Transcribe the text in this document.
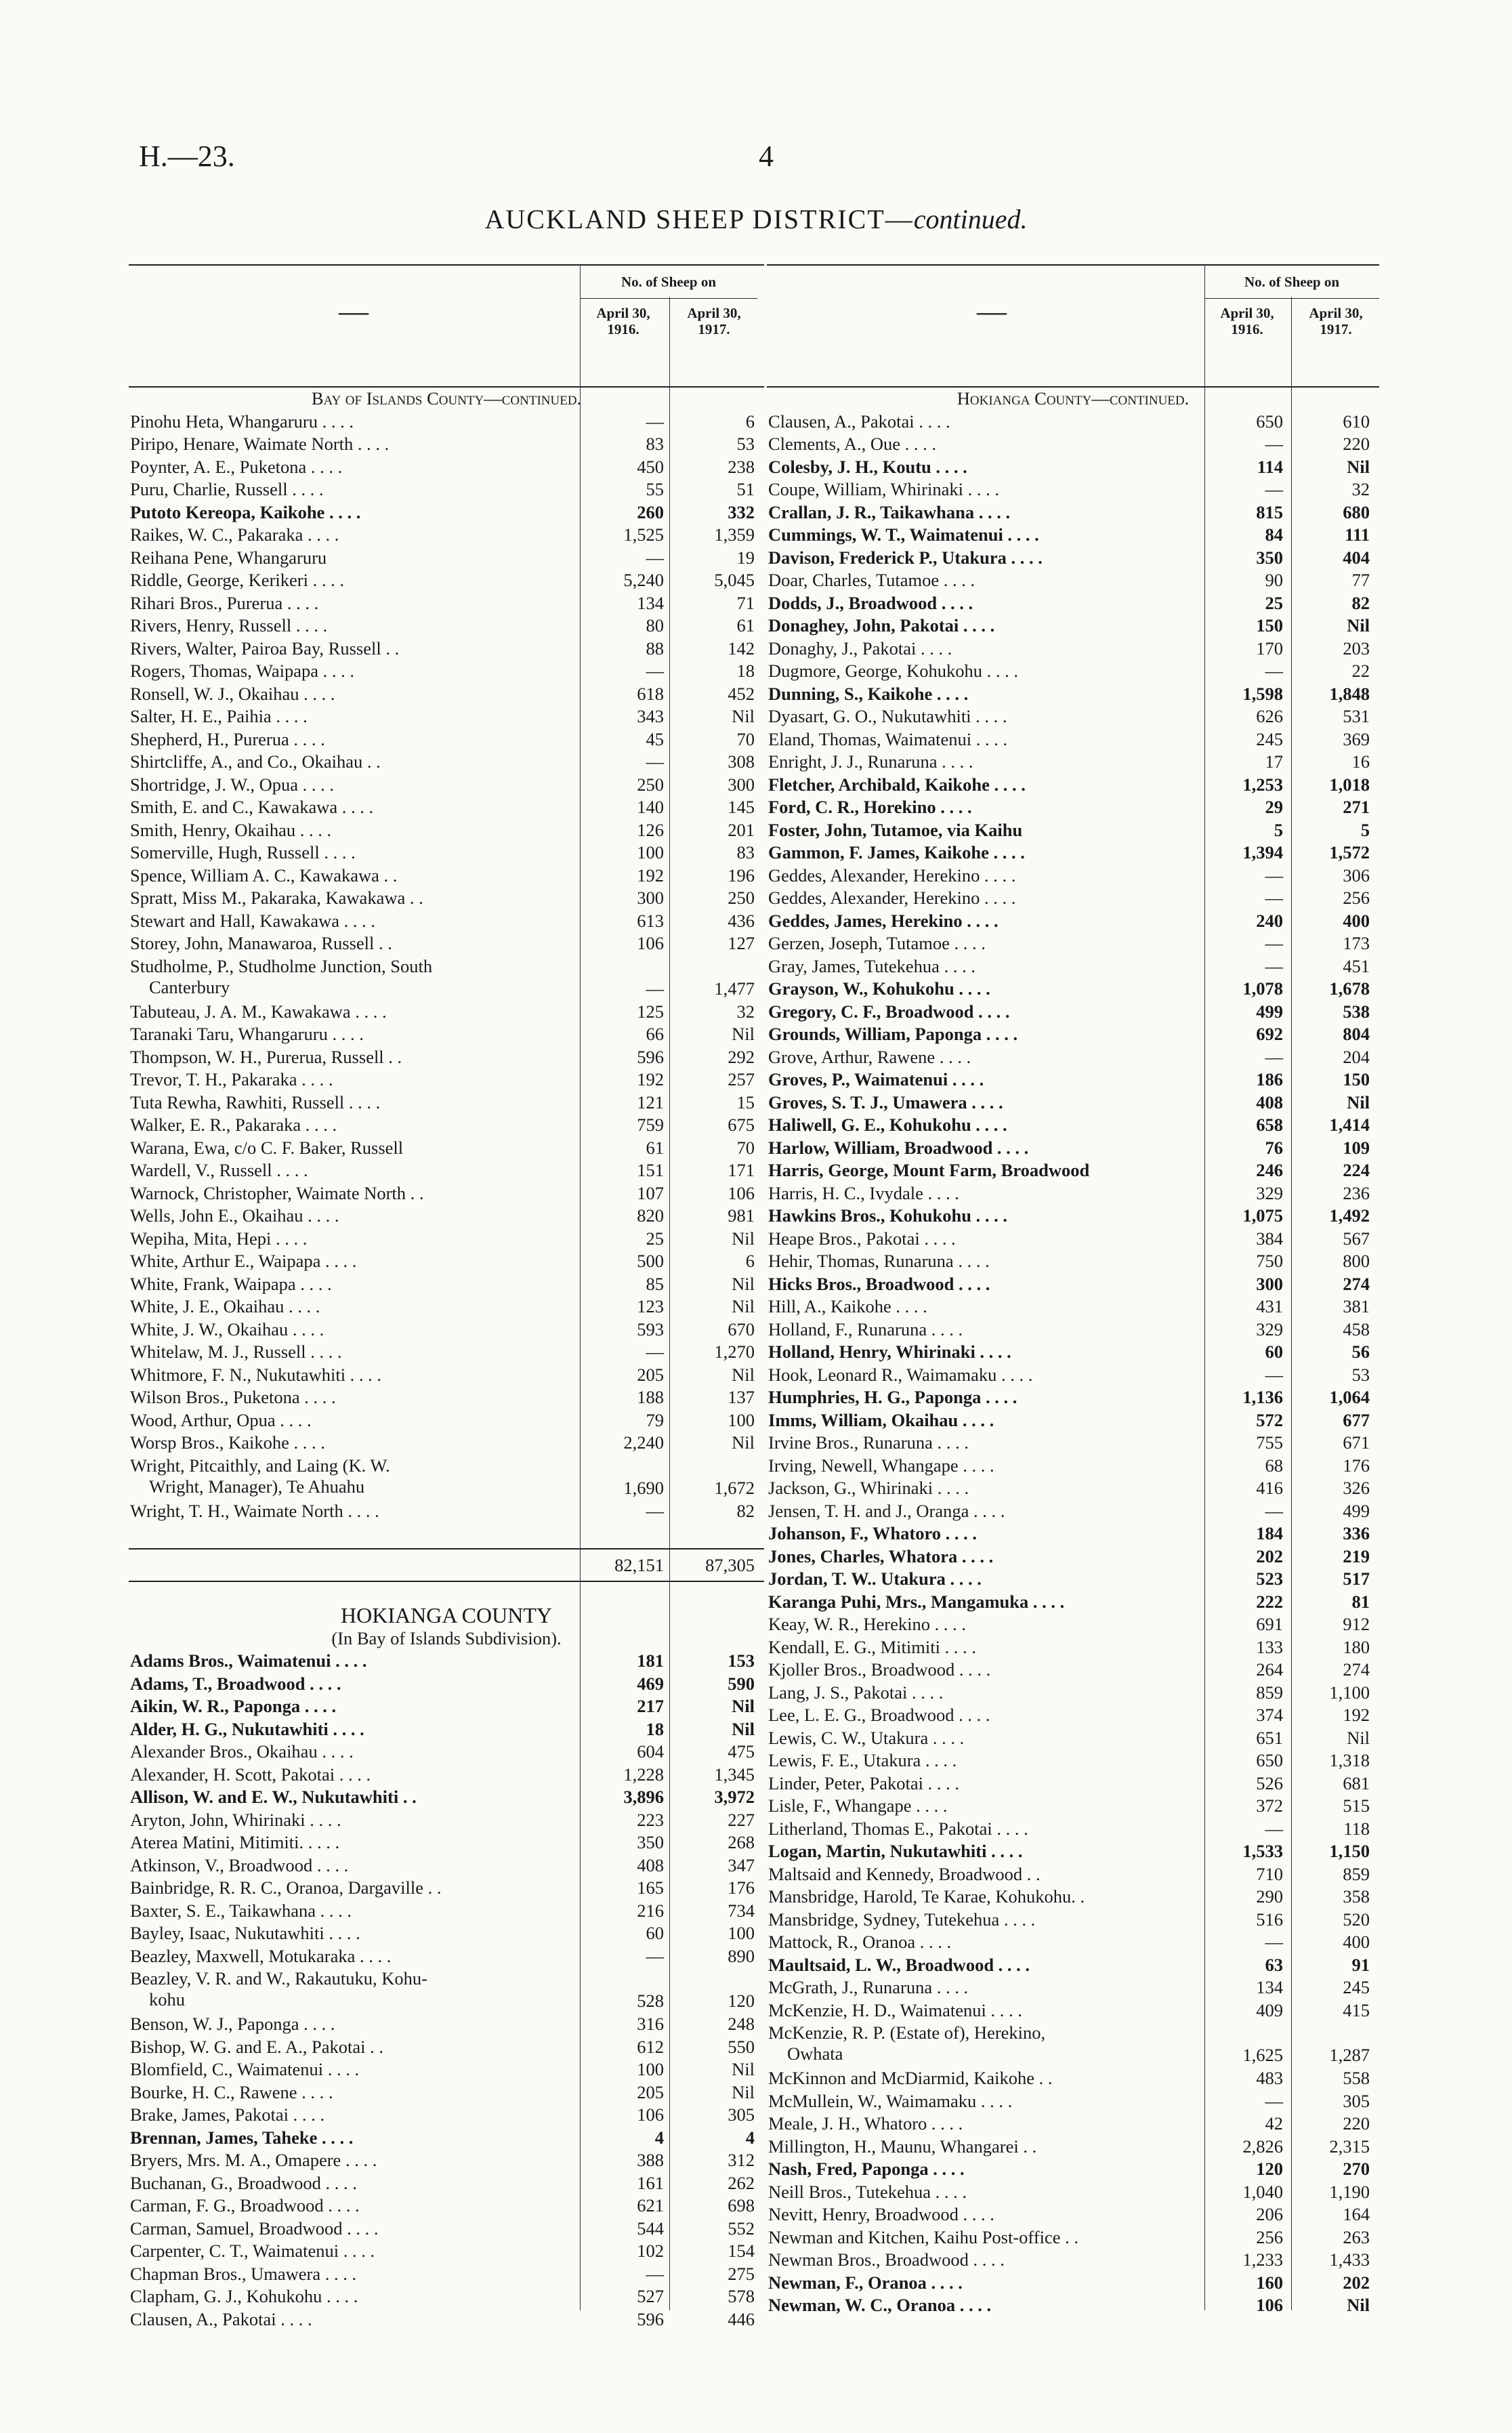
H.—23.	4
AUCKLAND SHEEP DISTRICT—continued.
—
No. of Sheep on
April 30,
1916.
April 30,
1917.
Bay of Islands County—continued.
Pinohu Heta, Whangaruru . . . .	—	6
Piripo, Henare, Waimate North . . . .	83	53
Poynter, A. E., Puketona . . . .	450	238
Puru, Charlie, Russell . . . .	55	51
Putoto Kereopa, Kaikohe . . . .	260	332
Raikes, W. C., Pakaraka . . . .	1,525	1,359
Reihana Pene, Whangaruru	—	19
Riddle, George, Kerikeri . . . .	5,240	5,045
Rihari Bros., Purerua . . . .	134	71
Rivers, Henry, Russell . . . .	80	61
Rivers, Walter, Pairoa Bay, Russell . .	88	142
Rogers, Thomas, Waipapa . . . .	—	18
Ronsell, W. J., Okaihau . . . .	618	452
Salter, H. E., Paihia . . . .	343	Nil
Shepherd, H., Purerua . . . .	45	70
Shirtcliffe, A., and Co., Okaihau . .	—	308
Shortridge, J. W., Opua . . . .	250	300
Smith, E. and C., Kawakawa . . . .	140	145
Smith, Henry, Okaihau . . . .	126	201
Somerville, Hugh, Russell . . . .	100	83
Spence, William A. C., Kawakawa . .	192	196
Spratt, Miss M., Pakaraka, Kawakawa . .	300	250
Stewart and Hall, Kawakawa . . . .	613	436
Storey, John, Manawaroa, Russell . .	106	127
Studholme, P., Studholme Junction, South
Canterbury	—	1,477
Tabuteau, J. A. M., Kawakawa . . . .	125	32
Taranaki Taru, Whangaruru . . . .	66	Nil
Thompson, W. H., Purerua, Russell . .	596	292
Trevor, T. H., Pakaraka . . . .	192	257
Tuta Rewha, Rawhiti, Russell . . . .	121	15
Walker, E. R., Pakaraka . . . .	759	675
Warana, Ewa, c/o C. F. Baker, Russell	61	70
Wardell, V., Russell . . . .	151	171
Warnock, Christopher, Waimate North . .	107	106
Wells, John E., Okaihau . . . .	820	981
Wepiha, Mita, Hepi . . . .	25	Nil
White, Arthur E., Waipapa . . . .	500	6
White, Frank, Waipapa . . . .	85	Nil
White, J. E., Okaihau . . . .	123	Nil
White, J. W., Okaihau . . . .	593	670
Whitelaw, M. J., Russell . . . .	—	1,270
Whitmore, F. N., Nukutawhiti . . . .	205	Nil
Wilson Bros., Puketona . . . .	188	137
Wood, Arthur, Opua . . . .	79	100
Worsp Bros., Kaikohe . . . .	2,240	Nil
Wright, Pitcaithly, and Laing (K. W.
Wright, Manager), Te Ahuahu	1,690	1,672
Wright, T. H., Waimate North . . . .	—	82
82,151 87,305
HOKIANGA COUNTY
(In Bay of Islands Subdivision).
Adams Bros., Waimatenui . . . .	181	153
Adams, T., Broadwood . . . .	469	590
Aikin, W. R., Paponga . . . .	217	Nil
Alder, H. G., Nukutawhiti . . . .	18	Nil
Alexander Bros., Okaihau . . . .	604	475
Alexander, H. Scott, Pakotai . . . .	1,228	1,345
Allison, W. and E. W., Nukutawhiti . .	3,896	3,972
Aryton, John, Whirinaki . . . .	223	227
Aterea Matini, Mitimiti. . . . .	350	268
Atkinson, V., Broadwood . . . .	408	347
Bainbridge, R. R. C., Oranoa, Dargaville . .	165	176
Baxter, S. E., Taikawhana . . . .	216	734
Bayley, Isaac, Nukutawhiti . . . .	60	100
Beazley, Maxwell, Motukaraka . . . .	—	890
Beazley, V. R. and W., Rakautuku, Kohu-
kohu	528	120
Benson, W. J., Paponga . . . .	316	248
Bishop, W. G. and E. A., Pakotai . .	612	550
Blomfield, C., Waimatenui . . . .	100	Nil
Bourke, H. C., Rawene . . . .	205	Nil
Brake, James, Pakotai . . . .	106	305
Brennan, James, Taheke . . . .	4	4
Bryers, Mrs. M. A., Omapere . . . .	388	312
Buchanan, G., Broadwood . . . .	161	262
Carman, F. G., Broadwood . . . .	621	698
Carman, Samuel, Broadwood . . . .	544	552
Carpenter, C. T., Waimatenui . . . .	102	154
Chapman Bros., Umawera . . . .	—	275
Clapham, G. J., Kohukohu . . . .	527	578
Clausen, A., Pakotai . . . .	596	446
—
No. of Sheep on
April 30,
1916.
April 30,
1917.
Hokianga County—continued.
Clausen, A., Pakotai . . . .	650	610
Clements, A., Oue . . . .	—	220
Colesby, J. H., Koutu . . . .	114	Nil
Coupe, William, Whirinaki . . . .	—	32
Crallan, J. R., Taikawhana . . . .	815	680
Cummings, W. T., Waimatenui . . . .	84	111
Davison, Frederick P., Utakura . . . .	350	404
Doar, Charles, Tutamoe . . . .	90	77
Dodds, J., Broadwood . . . .	25	82
Donaghey, John, Pakotai . . . .	150	Nil
Donaghy, J., Pakotai . . . .	170	203
Dugmore, George, Kohukohu . . . .	—	22
Dunning, S., Kaikohe . . . .	1,598	1,848
Dyasart, G. O., Nukutawhiti . . . .	626	531
Eland, Thomas, Waimatenui . . . .	245	369
Enright, J. J., Runaruna . . . .	17	16
Fletcher, Archibald, Kaikohe . . . .	1,253	1,018
Ford, C. R., Horekino . . . .	29	271
Foster, John, Tutamoe, via Kaihu	5	5
Gammon, F. James, Kaikohe . . . .	1,394	1,572
Geddes, Alexander, Herekino . . . .	—	306
Geddes, Alexander, Herekino . . . .	—	256
Geddes, James, Herekino . . . .	240	400
Gerzen, Joseph, Tutamoe . . . .	—	173
Gray, James, Tutekehua . . . .	—	451
Grayson, W., Kohukohu . . . .	1,078	1,678
Gregory, C. F., Broadwood . . . .	499	538
Grounds, William, Paponga . . . .	692	804
Grove, Arthur, Rawene . . . .	—	204
Groves, P., Waimatenui . . . .	186	150
Groves, S. T. J., Umawera . . . .	408	Nil
Haliwell, G. E., Kohukohu . . . .	658	1,414
Harlow, William, Broadwood . . . .	76	109
Harris, George, Mount Farm, Broadwood	246	224
Harris, H. C., Ivydale . . . .	329	236
Hawkins Bros., Kohukohu . . . .	1,075	1,492
Heape Bros., Pakotai . . . .	384	567
Hehir, Thomas, Runaruna . . . .	750	800
Hicks Bros., Broadwood . . . .	300	274
Hill, A., Kaikohe . . . .	431	381
Holland, F., Runaruna . . . .	329	458
Holland, Henry, Whirinaki . . . .	60	56
Hook, Leonard R., Waimamaku . . . .	—	53
Humphries, H. G., Paponga . . . .	1,136	1,064
Imms, William, Okaihau . . . .	572	677
Irvine Bros., Runaruna . . . .	755	671
Irving, Newell, Whangape . . . .	68	176
Jackson, G., Whirinaki . . . .	416	326
Jensen, T. H. and J., Oranga . . . .	—	499
Johanson, F., Whatoro . . . .	184	336
Jones, Charles, Whatora . . . .	202	219
Jordan, T. W.. Utakura . . . .	523	517
Karanga Puhi, Mrs., Mangamuka . . . .	222	81
Keay, W. R., Herekino . . . .	691	912
Kendall, E. G., Mitimiti . . . .	133	180
Kjoller Bros., Broadwood . . . .	264	274
Lang, J. S., Pakotai . . . .	859	1,100
Lee, L. E. G., Broadwood . . . .	374	192
Lewis, C. W., Utakura . . . .	651	Nil
Lewis, F. E., Utakura . . . .	650	1,318
Linder, Peter, Pakotai . . . .	526	681
Lisle, F., Whangape . . . .	372	515
Litherland, Thomas E., Pakotai . . . .	—	118
Logan, Martin, Nukutawhiti . . . .	1,533	1,150
Maltsaid and Kennedy, Broadwood . .	710	859
Mansbridge, Harold, Te Karae, Kohukohu. .	290	358
Mansbridge, Sydney, Tutekehua . . . .	516	520
Mattock, R., Oranoa . . . .	—	400
Maultsaid, L. W., Broadwood . . . .	63	91
McGrath, J., Runaruna . . . .	134	245
McKenzie, H. D., Waimatenui . . . .	409	415
McKenzie, R. P. (Estate of), Herekino,
Owhata	1,625	1,287
McKinnon and McDiarmid, Kaikohe . .	483	558
McMullein, W., Waimamaku . . . .	—	305
Meale, J. H., Whatoro . . . .	42	220
Millington, H., Maunu, Whangarei . .	2,826	2,315
Nash, Fred, Paponga . . . .	120	270
Neill Bros., Tutekehua . . . .	1,040	1,190
Nevitt, Henry, Broadwood . . . .	206	164
Newman and Kitchen, Kaihu Post-office . .	256	263
Newman Bros., Broadwood . . . .	1,233	1,433
Newman, F., Oranoa . . . .	160	202
Newman, W. C., Oranoa . . . .	106	Nil
